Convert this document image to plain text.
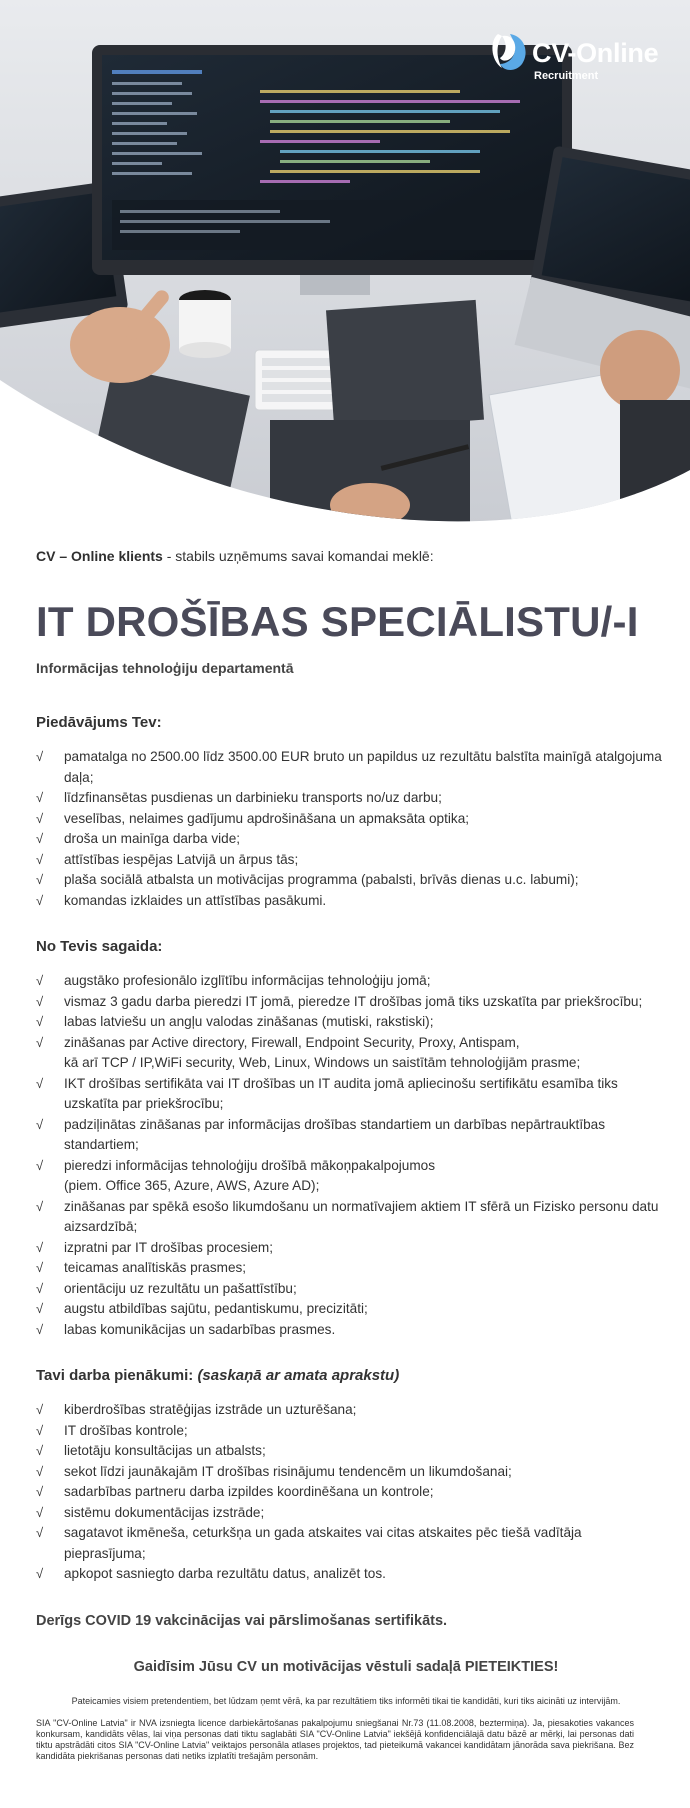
CV-Online
Recruitment

CV – Online klients - stabils uzņēmums savai komandai meklē:

IT DROŠĪBAS SPECIĀLISTU/-I

Informācijas tehnoloģiju departamentā

Piedāvājums Tev:
√ pamatalga no 2500.00 līdz 3500.00 EUR bruto un papildus uz rezultātu balstīta mainīgā atalgojuma daļa;
√ līdzfinansētas pusdienas un darbinieku transports no/uz darbu;
√ veselības, nelaimes gadījumu apdrošināšana un apmaksāta optika;
√ droša un mainīga darba vide;
√ attīstības iespējas Latvijā un ārpus tās;
√ plaša sociālā atbalsta un motivācijas programma (pabalsti, brīvās dienas u.c. labumi);
√ komandas izklaides un attīstības pasākumi.
No Tevis sagaida:
√ augstāko profesionālo izglītību informācijas tehnoloģiju jomā;
√ vismaz 3 gadu darba pieredzi IT jomā, pieredze IT drošības jomā tiks uzskatīta par priekšrocību;
√ labas latviešu un angļu valodas zināšanas (mutiski, rakstiski);
√ zināšanas par Active directory, Firewall, Endpoint Security, Proxy, Antispam,
kā arī TCP / IP,WiFi security, Web, Linux, Windows un saistītām tehnoloģijām prasme;
√ IKT drošības sertifikāta vai IT drošības un IT audita jomā apliecinošu sertifikātu esamība tiks uzskatīta par priekšrocību;
√ padziļinātas zināšanas par informācijas drošības standartiem un darbības nepārtrauktības standartiem;
√ pieredzi informācijas tehnoloģiju drošībā mākoņpakalpojumos
(piem. Office 365, Azure, AWS, Azure AD);
√ zināšanas par spēkā esošo likumdošanu un normatīvajiem aktiem IT sfērā un Fizisko personu datu aizsardzībā;
√ izpratni par IT drošības procesiem;
√ teicamas analītiskās prasmes;
√ orientāciju uz rezultātu un pašattīstību;
√ augstu atbildības sajūtu, pedantiskumu, precizitāti;
√ labas komunikācijas un sadarbības prasmes.
Tavi darba pienākumi: (saskaņā ar amata aprakstu)
√ kiberdrošības stratēģijas izstrāde un uzturēšana;
√ IT drošības kontrole;
√ lietotāju konsultācijas un atbalsts;
√ sekot līdzi jaunākajām IT drošības risinājumu tendencēm un likumdošanai;
√ sadarbības partneru darba izpildes koordinēšana un kontrole;
√ sistēmu dokumentācijas izstrāde;
√ sagatavot ikmēneša, ceturkšņa un gada atskaites vai citas atskaites pēc tiešā vadītāja pieprasījuma;
√ apkopot sasniegto darba rezultātu datus, analizēt tos.

Derīgs COVID 19 vakcinācijas vai pārslimošanas sertifikāts.

Gaidīsim Jūsu CV un motivācijas vēstuli sadaļā PIETEIKTIES!

Pateicamies visiem pretendentiem, bet lūdzam ņemt vērā, ka par rezultātiem tiks informēti tikai tie kandidāti, kuri tiks aicināti uz intervijām.

SIA "CV-Online Latvia" ir NVA izsniegta licence darbiekārtošanas pakalpojumu sniegšanai Nr.73 (11.08.2008, beztermiņa). Ja, piesakoties vakances konkursam, kandidāts vēlas, lai viņa personas dati tiktu saglabāti SIA "CV-Online Latvia" iekšējā konfidenciālajā datu bāzē ar mērķi, lai personas dati tiktu apstrādāti citos SIA "CV-Online Latvia" veiktajos personāla atlases projektos, tad pieteikumā vakancei kandidātam jānorāda sava piekrišana. Bez kandidāta piekrišanas personas dati netiks izplatīti trešajām personām.
